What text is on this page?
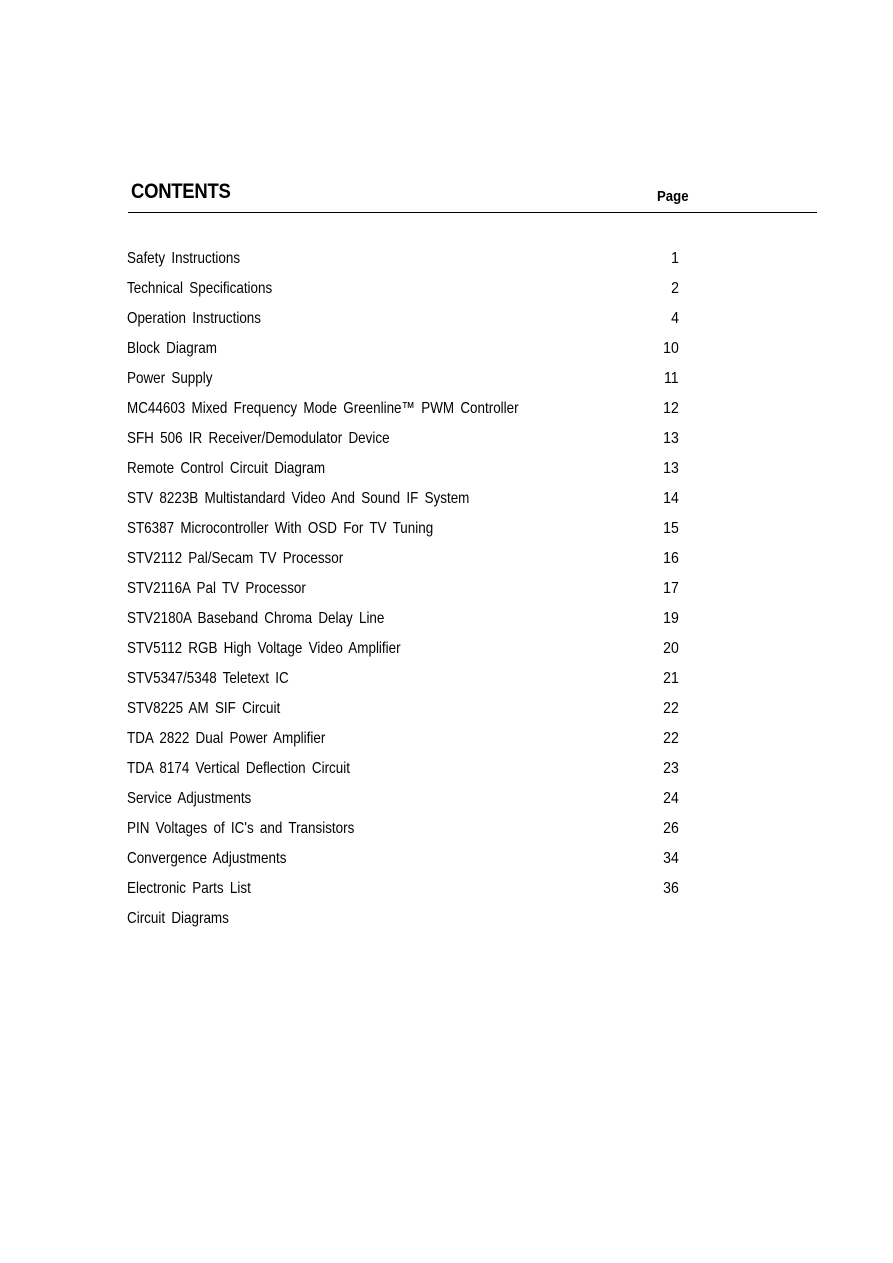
CONTENTS	Page
Safety Instructions	1
Technical Specifications	2
Operation Instructions	4
Block Diagram	10
Power Supply	11
MC44603 Mixed Frequency Mode Greenline™ PWM Controller	12
SFH 506 IR Receiver/Demodulator Device	13
Remote Control Circuit Diagram	13
STV 8223B Multistandard Video And Sound IF System	14
ST6387 Microcontroller With OSD For TV Tuning	15
STV2112 Pal/Secam TV Processor	16
STV2116A Pal TV Processor	17
STV2180A Baseband Chroma Delay Line	19
STV5112 RGB High Voltage Video Amplifier	20
STV5347/5348 Teletext IC	21
STV8225 AM SIF Circuit	22
TDA 2822 Dual Power Amplifier	22
TDA 8174 Vertical Deflection Circuit	23
Service Adjustments	24
PIN Voltages of IC's and Transistors	26
Convergence Adjustments	34
Electronic Parts List	36
Circuit Diagrams
